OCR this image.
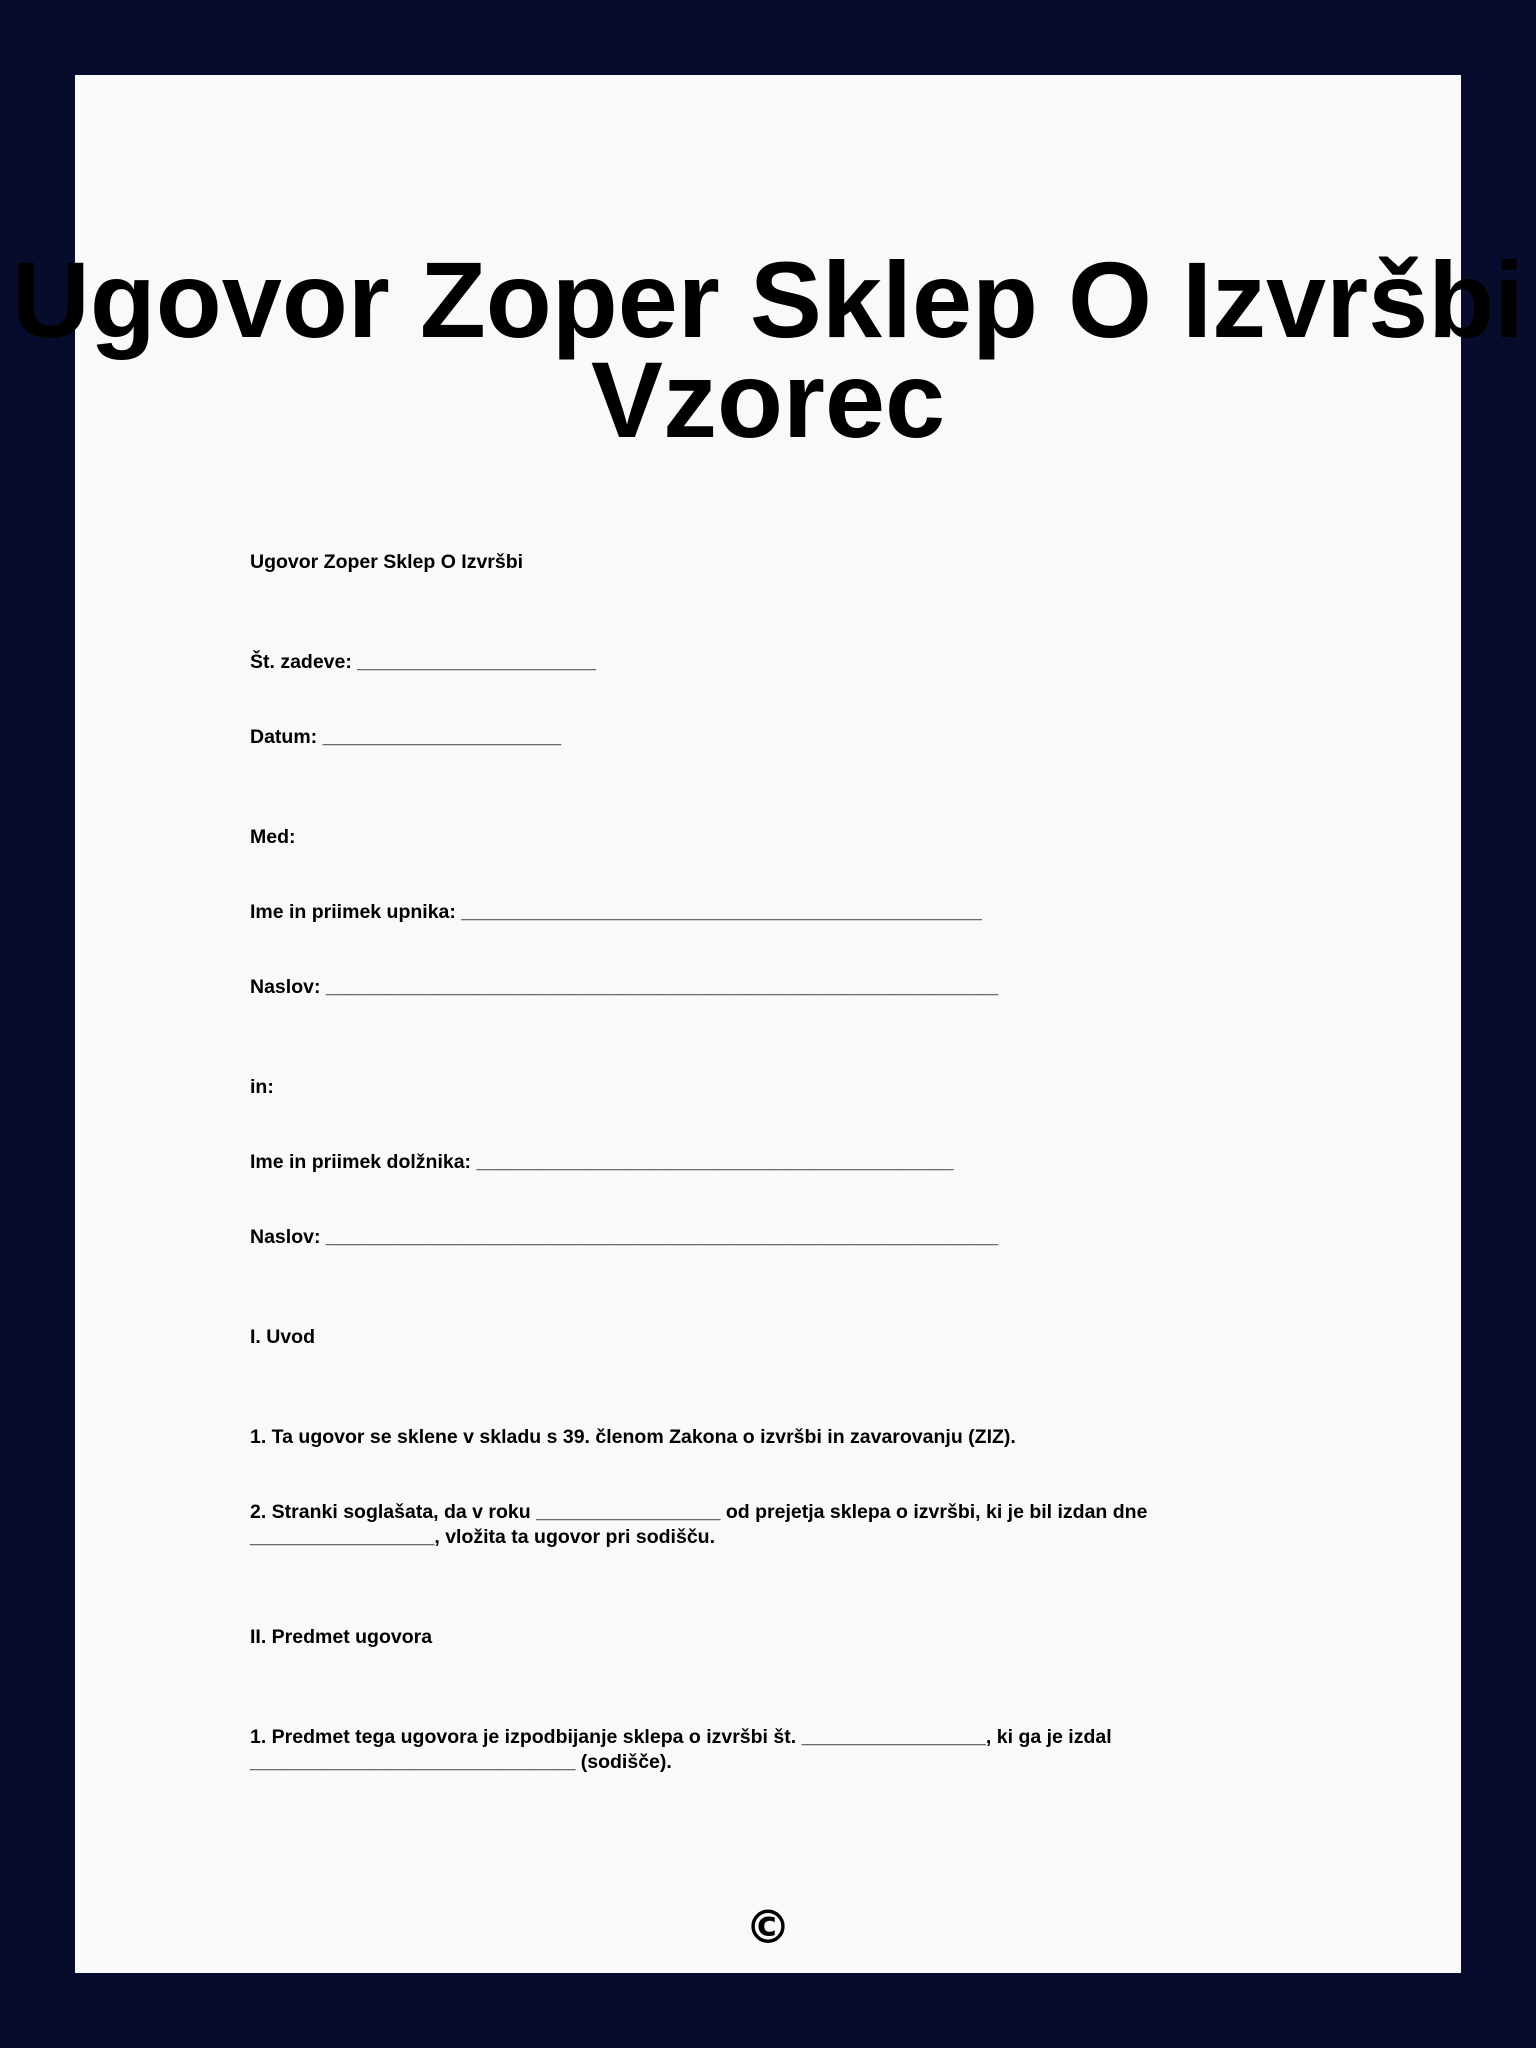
Ugovor Zoper Sklep O Izvršbi
Vzorec
Ugovor Zoper Sklep O Izvršbi
Št. zadeve: ______________________
Datum: ______________________
Med:
Ime in priimek upnika: ________________________________________________
Naslov: ______________________________________________________________
in:
Ime in priimek dolžnika: ____________________________________________
Naslov: ______________________________________________________________
I. Uvod
1. Ta ugovor se sklene v skladu s 39. členom Zakona o izvršbi in zavarovanju (ZIZ).
2. Stranki soglašata, da v roku _________________ od prejetja sklepa o izvršbi, ki je bil izdan dne
_________________, vložita ta ugovor pri sodišču.
II. Predmet ugovora
1. Predmet tega ugovora je izpodbijanje sklepa o izvršbi št. _________________, ki ga je izdal
______________________________ (sodišče).
©
